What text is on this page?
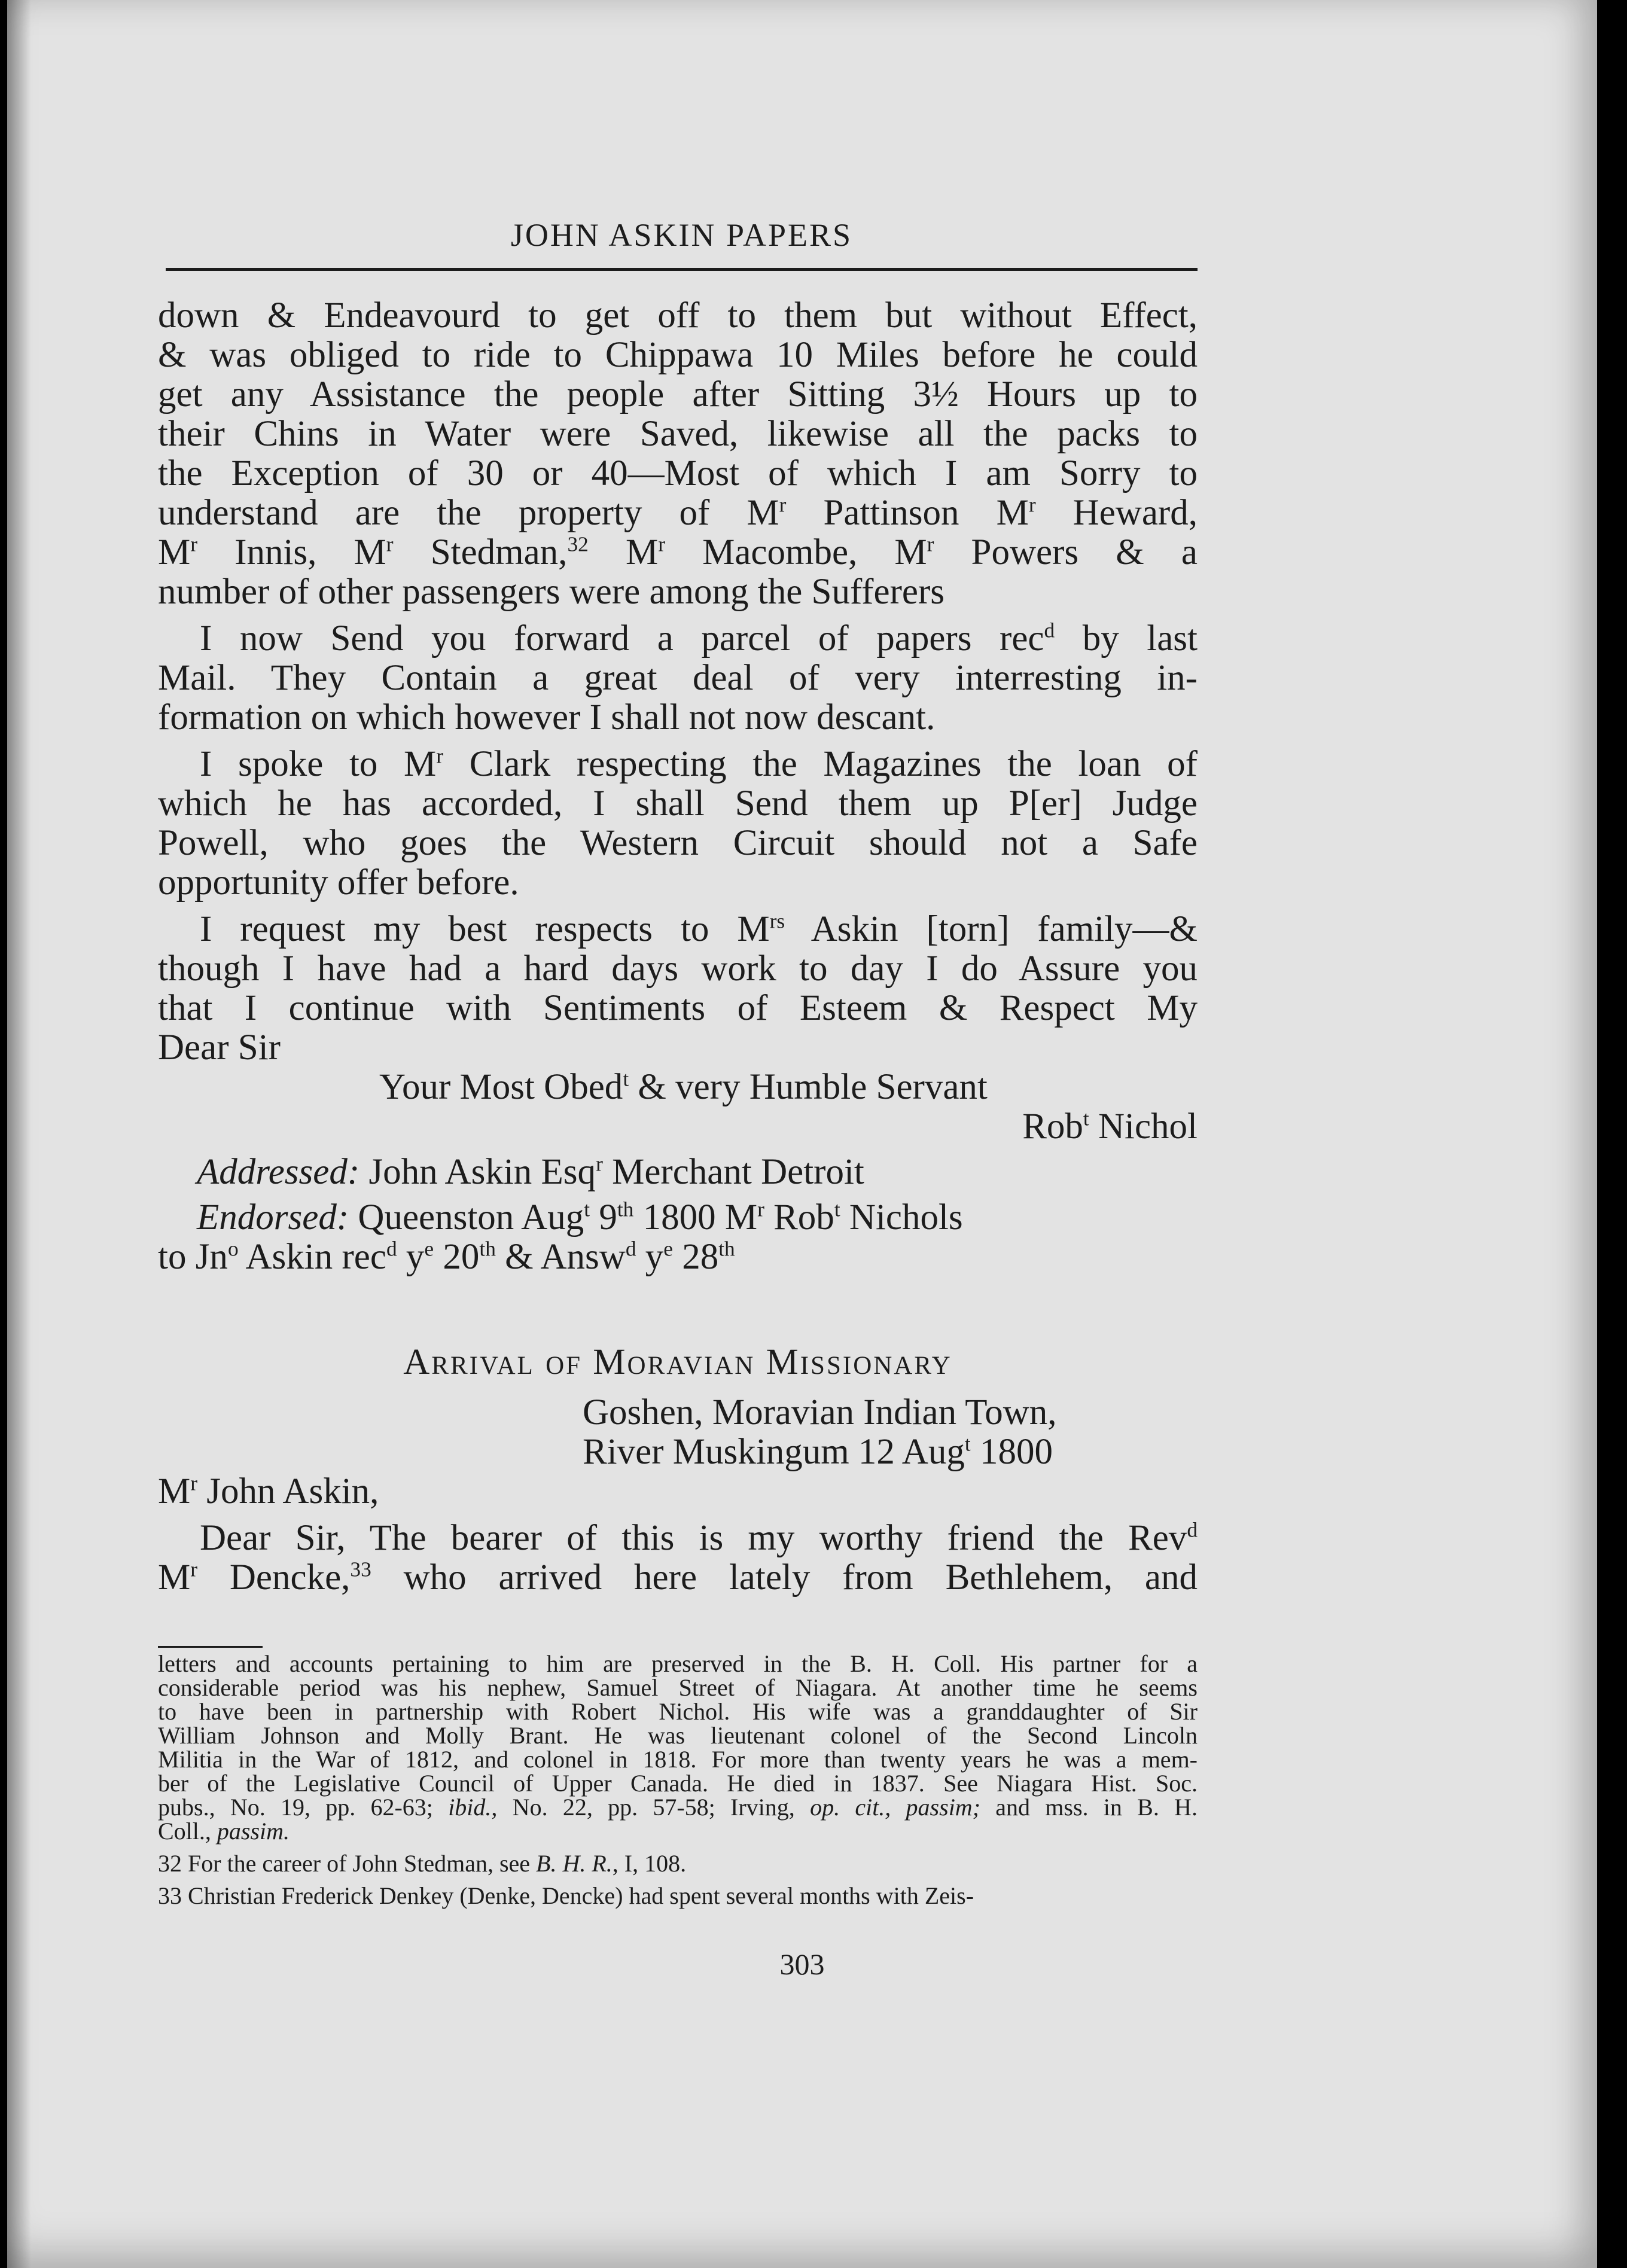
JOHN ASKIN PAPERS
down & Endeavourd to get off to them but without Effect,
& was obliged to ride to Chippawa 10 Miles before he could
get any Assistance the people after Sitting 3½ Hours up to
their Chins in Water were Saved, likewise all the packs to
the Exception of 30 or 40—Most of which I am Sorry to
understand are the property of $M^r$ Pattinson $M^r$ Heward,
$M^r$ Innis, $M^r$ Stedman,$^{32}$ $M^r$ Macombe, $M^r$ Powers & a
number of other passengers were among the Sufferers
I now Send you forward a parcel of papers rec$^d$ by last
Mail. They Contain a great deal of very interresting in-
formation on which however I shall not now descant.
I spoke to $M^r$ Clark respecting the Magazines the loan of
which he has accorded, I shall Send them up P[er] Judge
Powell, who goes the Western Circuit should not a Safe
opportunity offer before.
I request my best respects to $M^{rs}$ Askin [torn] family—&
though I have had a hard days work to day I do Assure you
that I continue with Sentiments of Esteem & Respect My
Dear Sir
Your Most Obed$^t$ & very Humble Servant
Rob$^t$ Nichol
Addressed: John Askin Esq$^r$ Merchant Detroit
Endorsed: Queenston Aug$^t$ 9th 1800 $M^r$ Rob$^t$ Nichols
to Jn$^o$ Askin rec$^d$ $y^e$ 20th & Answ$^d$ $y^e$ 28th
Arrival of Moravian Missionary
Goshen, Moravian Indian Town,
River Muskingum 12 Aug$^t$ 1800
$M^r$ John Askin,
Dear Sir, The bearer of this is my worthy friend the Rev$^d$
$M^r$ Dencke,$^{33}$ who arrived here lately from Bethlehem, and
letters and accounts pertaining to him are preserved in the B. H. Coll. His partner for a
considerable period was his nephew, Samuel Street of Niagara. At another time he seems
to have been in partnership with Robert Nichol. His wife was a granddaughter of Sir
William Johnson and Molly Brant. He was lieutenant colonel of the Second Lincoln
Militia in the War of 1812, and colonel in 1818. For more than twenty years he was a mem-
ber of the Legislative Council of Upper Canada. He died in 1837. See Niagara Hist. Soc.
pubs., No. 19, pp. 62-63; ibid., No. 22, pp. 57-58; Irving, op. cit., passim; and mss. in B. H.
Coll., passim.
32 For the career of John Stedman, see B. H. R., I, 108.
33 Christian Frederick Denkey (Denke, Dencke) had spent several months with Zeis-
303
